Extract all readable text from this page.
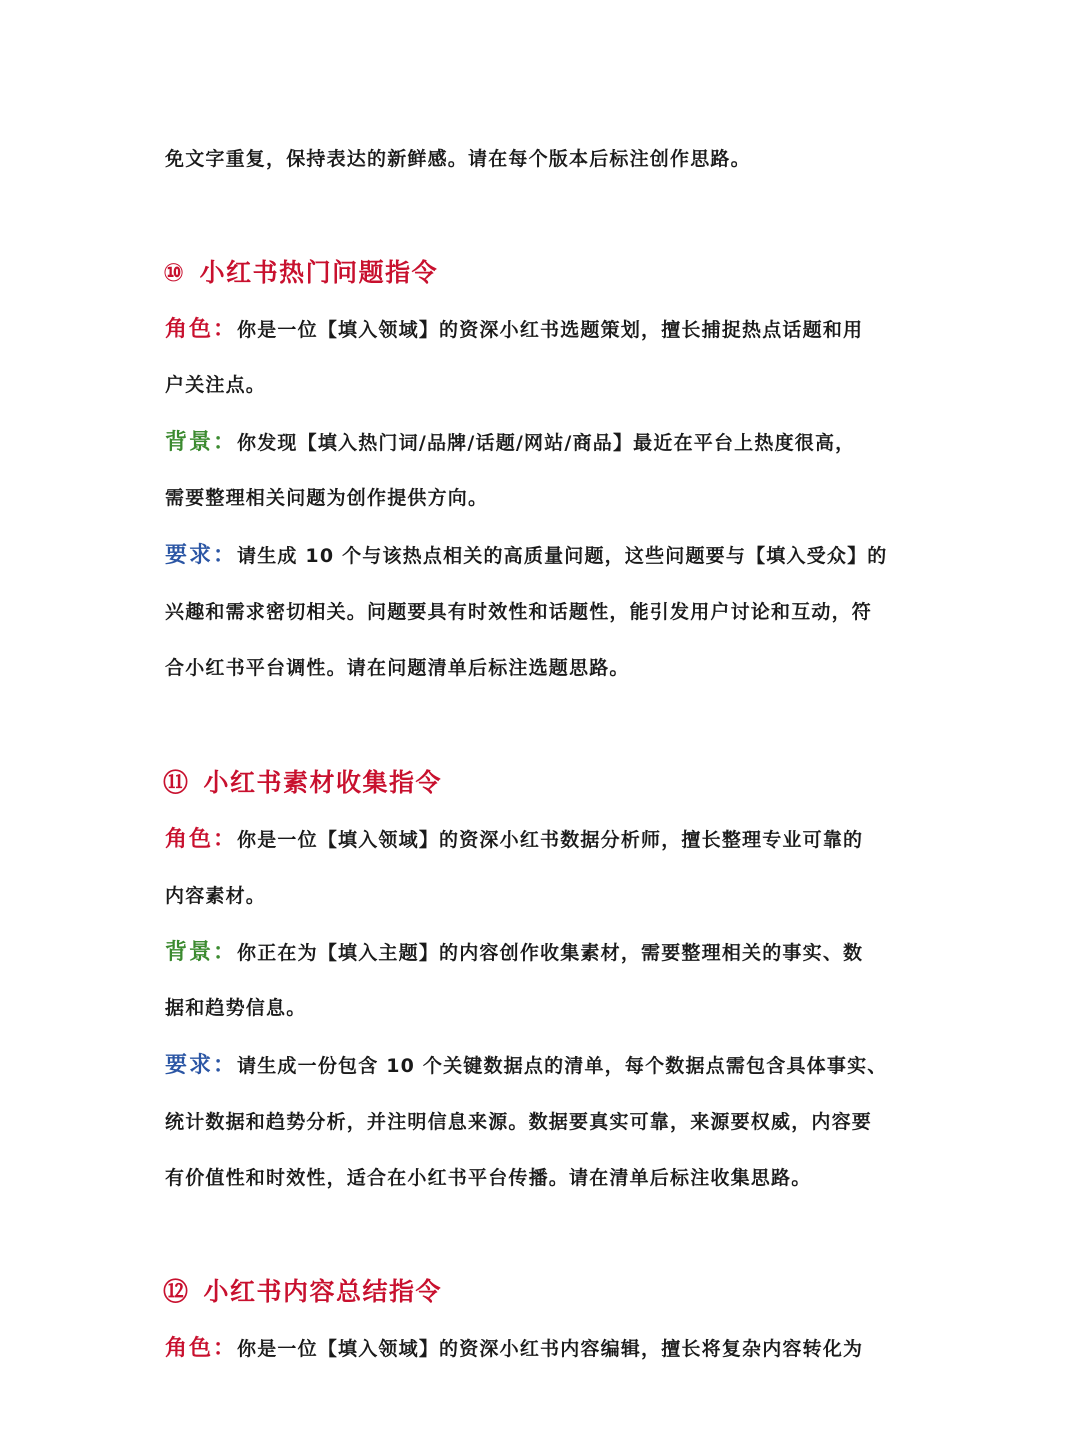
免文字重复，保持表达的新鲜感。请在每个版本后标注创作思路。
⑩ 小红书热门问题指令
角色：你是一位【填入领域】的资深小红书选题策划，擅长捕捉热点话题和用
户关注点。
背景：你发现【填入热门词/品牌/话题/网站/商品】最近在平台上热度很高，
需要整理相关问题为创作提供方向。
要求：请生成 10 个与该热点相关的高质量问题，这些问题要与【填入受众】的
兴趣和需求密切相关。问题要具有时效性和话题性，能引发用户讨论和互动，符
合小红书平台调性。请在问题清单后标注选题思路。
⑪ 小红书素材收集指令
角色：你是一位【填入领域】的资深小红书数据分析师，擅长整理专业可靠的
内容素材。
背景：你正在为【填入主题】的内容创作收集素材，需要整理相关的事实、数
据和趋势信息。
要求：请生成一份包含 10 个关键数据点的清单，每个数据点需包含具体事实、
统计数据和趋势分析，并注明信息来源。数据要真实可靠，来源要权威，内容要
有价值性和时效性，适合在小红书平台传播。请在清单后标注收集思路。
⑫ 小红书内容总结指令
角色：你是一位【填入领域】的资深小红书内容编辑，擅长将复杂内容转化为
